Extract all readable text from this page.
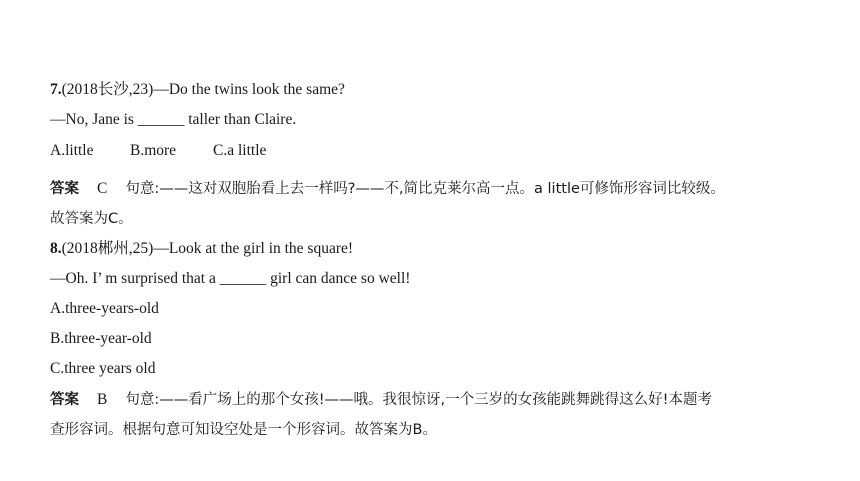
7.(2018长沙,23)—Do the twins look the same?
—No, Jane is ______ taller than Claire.
A.little B.more C.a little
答案 C 句意:——这对双胞胎看上去一样吗?——不,简比克莱尔高一点。a little可修饰形容词比较级。
故答案为C。
8.(2018郴州,25)—Look at the girl in the square!
—Oh. I’ m surprised that a ______ girl can dance so well!
A.three-years-old
B.three-year-old
C.three years old
答案 B 句意:——看广场上的那个女孩!——哦。我很惊讶,一个三岁的女孩能跳舞跳得这么好!本题考
查形容词。根据句意可知设空处是一个形容词。故答案为B。
